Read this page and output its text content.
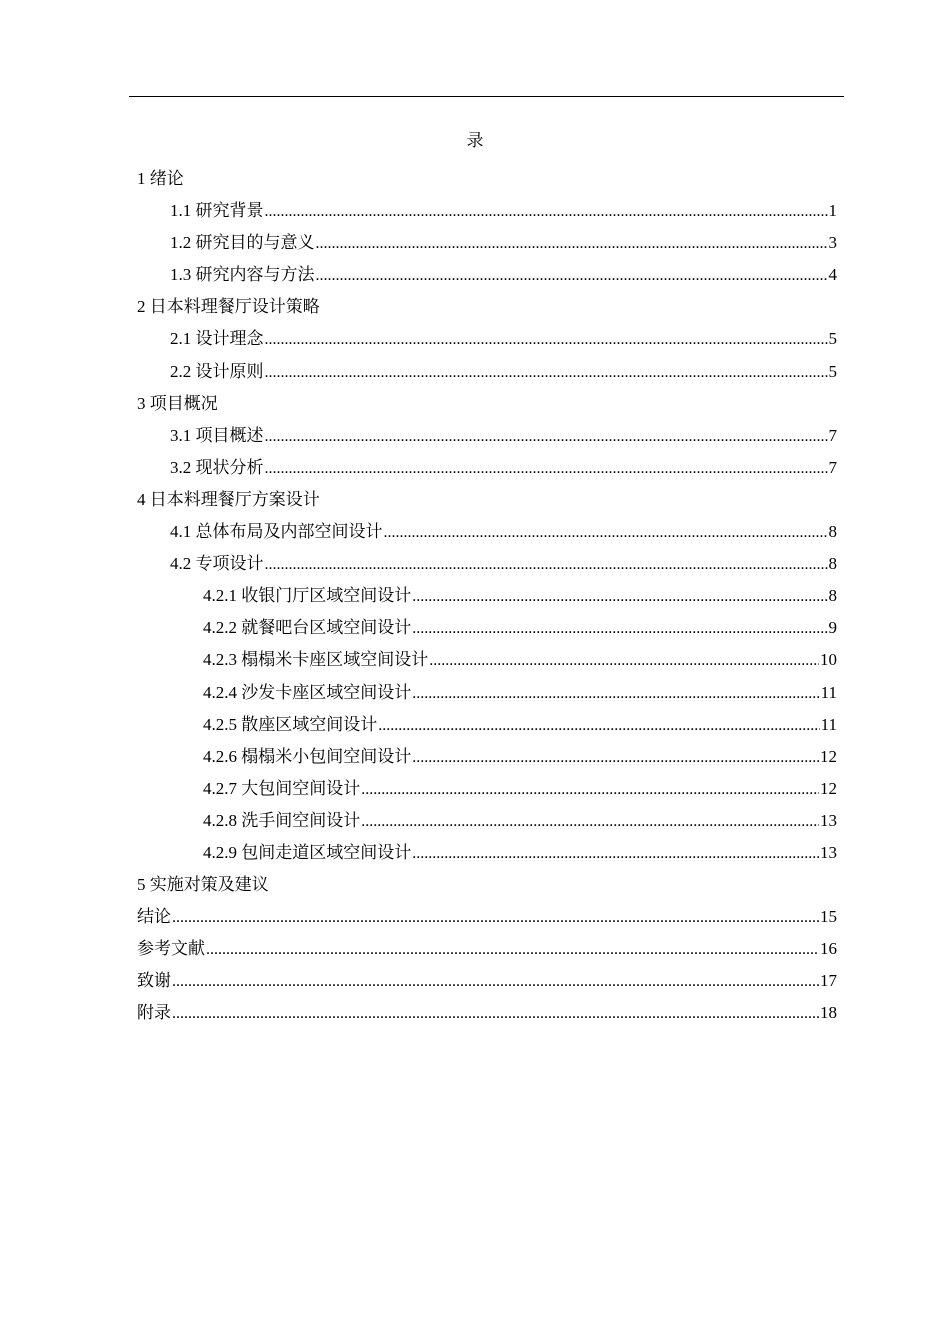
录
1 绪论
1.1 研究背景 .....	1
1.2 研究目的与意义 .....	3
1.3 研究内容与方法 .....	4
2 日本料理餐厅设计策略
2.1 设计理念 .....	5
2.2 设计原则 .....	5
3 项目概况
3.1 项目概述 .....	7
3.2 现状分析 .....	7
4 日本料理餐厅方案设计
4.1 总体布局及内部空间设计 .....	8
4.2 专项设计 .....	8
4.2.1 收银门厅区域空间设计 .....	8
4.2.2 就餐吧台区域空间设计 .....	9
4.2.3 榻榻米卡座区域空间设计 .....	10
4.2.4 沙发卡座区域空间设计 .....	11
4.2.5 散座区域空间设计 .....	11
4.2.6 榻榻米小包间空间设计 .....	12
4.2.7 大包间空间设计 .....	12
4.2.8 洗手间空间设计 .....	13
4.2.9 包间走道区域空间设计 .....	13
5 实施对策及建议
结论 .....	15
参考文献 .....	16
致谢 .....	17
附录 .....	18
